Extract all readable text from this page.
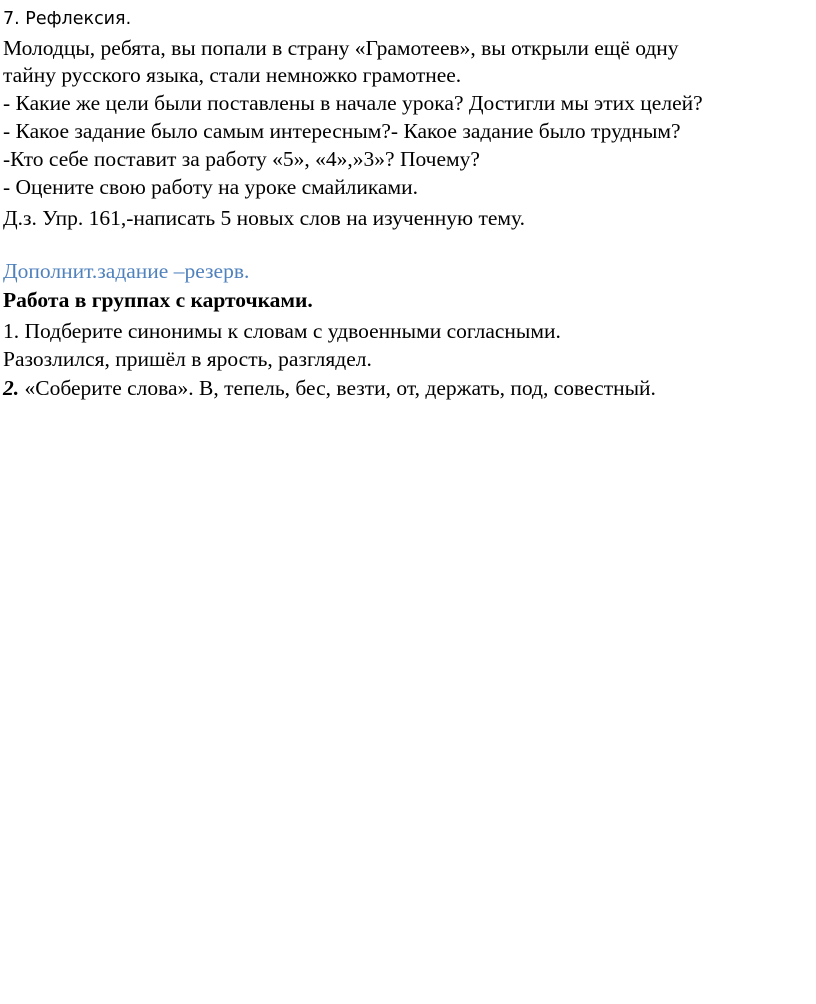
7. Рефлексия.
Молодцы, ребята, вы попали в страну «Грамотеев», вы открыли ещё одну
тайну русского языка, стали немножко грамотнее.
- Какие же цели были поставлены в начале урока? Достигли мы этих целей?
- Какое задание было самым интересным?- Какое задание было трудным?
-Кто себе поставит за работу «5», «4»,»3»? Почему?
- Оцените свою работу на уроке смайликами.
Д.з. Упр. 161,-написать 5 новых слов на изученную тему.
Дополнит.задание –резерв.
Работа в группах с карточками.
1. Подберите синонимы к словам с удвоенными согласными.
Разозлился, пришёл в ярость, разглядел.
2. «Соберите слова». В, тепель, бес, везти, от, держать, под, совестный.
